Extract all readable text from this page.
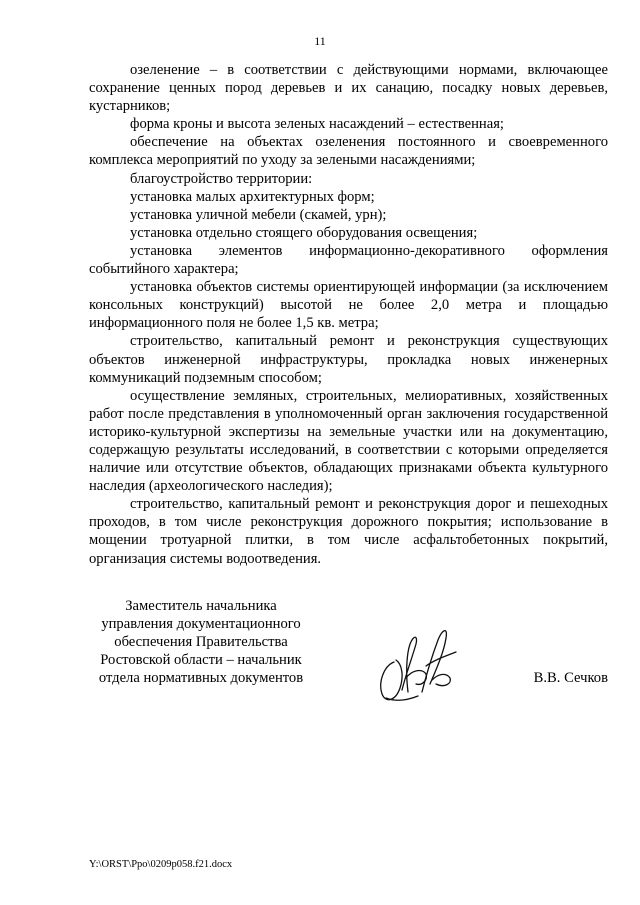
11

озеленение – в соответствии с действующими нормами, включающее сохранение ценных пород деревьев и их санацию, посадку новых деревьев, кустарников;

форма кроны и высота зеленых насаждений – естественная;

обеспечение на объектах озеленения постоянного и своевременного комплекса мероприятий по уходу за зелеными насаждениями;

благоустройство территории:

установка малых архитектурных форм;

установка уличной мебели (скамей, урн);

установка отдельно стоящего оборудования освещения;

установка элементов информационно-декоративного оформления событийного характера;

установка объектов системы ориентирующей информации (за исключением консольных конструкций) высотой не более 2,0 метра и площадью информационного поля не более 1,5 кв. метра;

строительство, капитальный ремонт и реконструкция существующих объектов инженерной инфраструктуры, прокладка новых инженерных коммуникаций подземным способом;

осуществление земляных, строительных, мелиоративных, хозяйственных работ после представления в уполномоченный орган заключения государственной историко-культурной экспертизы на земельные участки или на документацию, содержащую результаты исследований, в соответствии с которыми определяется наличие или отсутствие объектов, обладающих признаками объекта культурного наследия (археологического наследия);

строительство, капитальный ремонт и реконструкция дорог и пешеходных проходов, в том числе реконструкция дорожного покрытия; использование в мощении тротуарной плитки, в том числе асфальтобетонных покрытий, организация системы водоотведения.

Заместитель начальника
управления документационного
обеспечения Правительства
Ростовской области – начальник
отдела нормативных документов	В.В. Сечков
Y:\ORST\Ppo\0209p058.f21.docx
